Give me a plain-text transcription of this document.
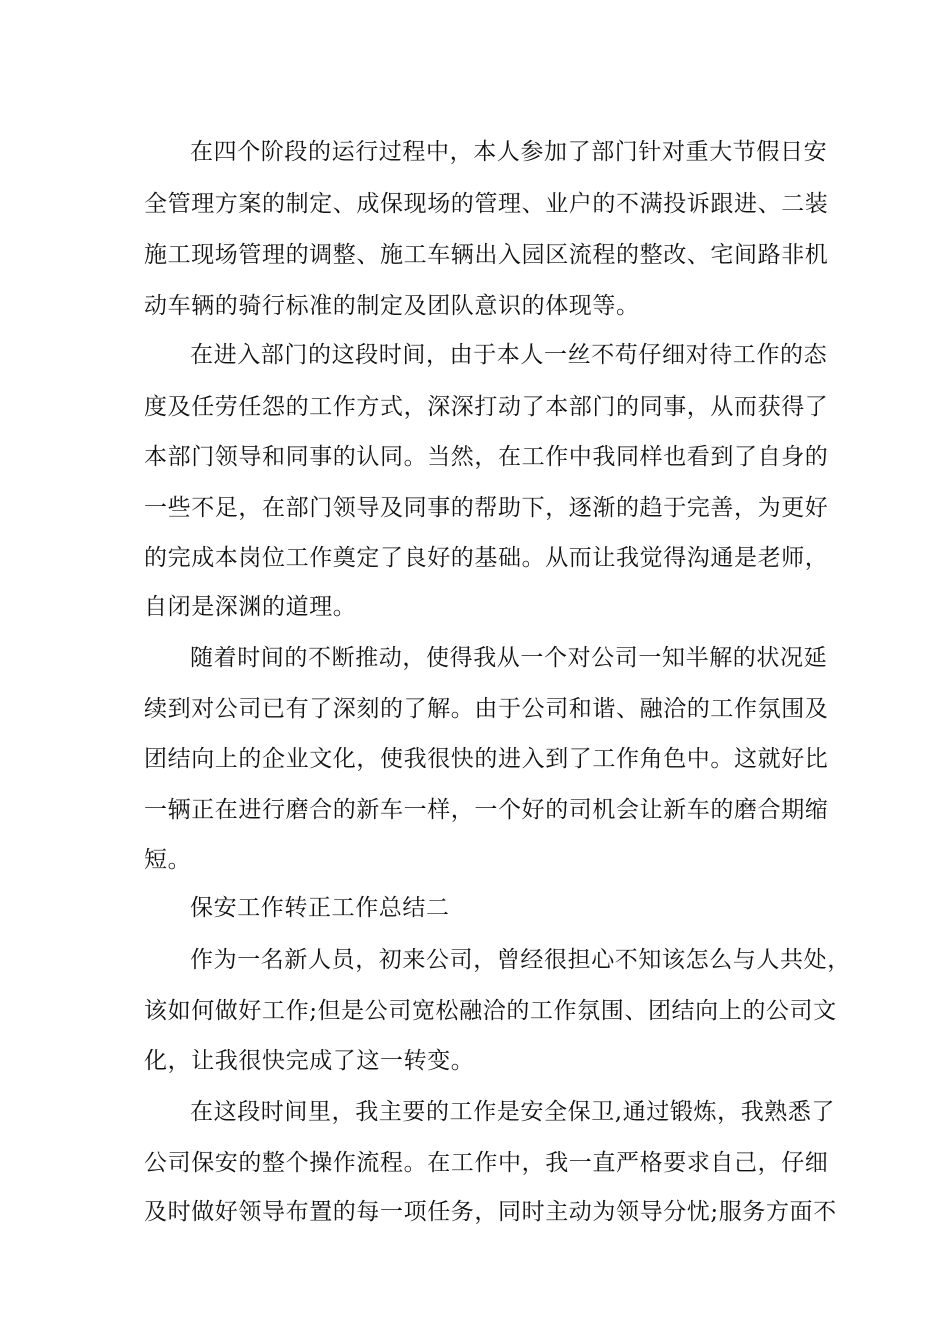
在四个阶段的运行过程中，本人参加了部门针对重大节假日安
全管理方案的制定、成保现场的管理、业户的不满投诉跟进、二装
施工现场管理的调整、施工车辆出入园区流程的整改、宅间路非机
动车辆的骑行标准的制定及团队意识的体现等。
在进入部门的这段时间，由于本人一丝不苟仔细对待工作的态
度及任劳任怨的工作方式，深深打动了本部门的同事，从而获得了
本部门领导和同事的认同。当然，在工作中我同样也看到了自身的
一些不足，在部门领导及同事的帮助下，逐渐的趋于完善，为更好
的完成本岗位工作奠定了良好的基础。从而让我觉得沟通是老师，
自闭是深渊的道理。
随着时间的不断推动，使得我从一个对公司一知半解的状况延
续到对公司已有了深刻的了解。由于公司和谐、融洽的工作氛围及
团结向上的企业文化，使我很快的进入到了工作角色中。这就好比
一辆正在进行磨合的新车一样，一个好的司机会让新车的磨合期缩
短。
保安工作转正工作总结二
作为一名新人员，初来公司，曾经很担心不知该怎么与人共处，
该如何做好工作;但是公司宽松融洽的工作氛围、团结向上的公司文
化，让我很快完成了这一转变。
在这段时间里，我主要的工作是安全保卫,通过锻炼，我熟悉了
公司保安的整个操作流程。在工作中，我一直严格要求自己，仔细
及时做好领导布置的每一项任务，同时主动为领导分忧;服务方面不
